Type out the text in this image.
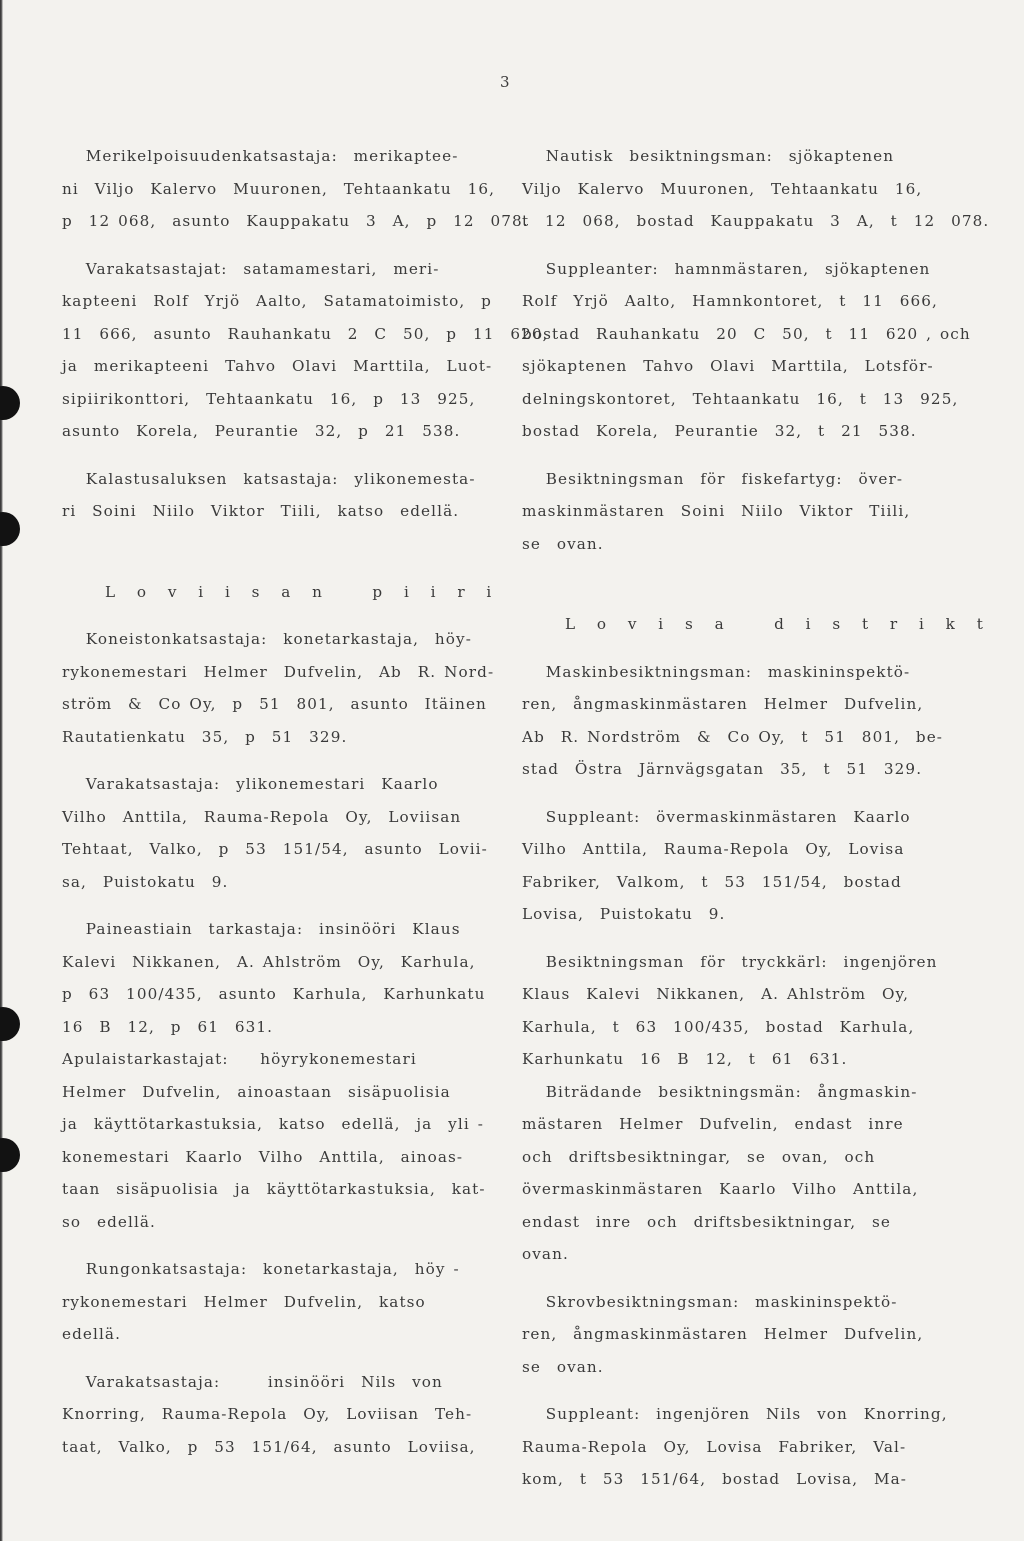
3
Merikelpoisuudenkatsastaja:  merikaptee-
ni  Viljo  Kalervo  Muuronen,  Tehtaankatu  16,
p  12 068,  asunto  Kauppakatu  3  A,  p  12  078.
Varakatsastajat:  satamamestari,  meri-
kapteeni  Rolf  Yrjö  Aalto,  Satamatoimisto,  p
11  666,  asunto  Rauhankatu  2  C  50,  p  11  620,
ja  merikapteeni  Tahvo  Olavi  Marttila,  Luot-
sipiirikonttori,  Tehtaankatu  16,  p  13  925,
asunto  Korela,  Peurantie  32,  p  21  538.
Kalastusaluksen  katsastaja:  ylikonemesta-
ri  Soini  Niilo  Viktor  Tiili,  katso  edellä.
L o v i i s a n   p i i r i
Koneistonkatsastaja:  konetarkastaja,  höy-
rykonemestari  Helmer  Dufvelin,  Ab  R. Nord-
ström  &  Co Oy,  p  51  801,  asunto  Itäinen
Rautatienkatu  35,  p  51  329.
Varakatsastaja:  ylikonemestari  Kaarlo
Vilho  Anttila,  Rauma-Repola  Oy,  Loviisan
Tehtaat,  Valko,  p  53  151/54,  asunto  Lovii-
sa,  Puistokatu  9.
Paineastiain  tarkastaja:  insinööri  Klaus
Kalevi  Nikkanen,  A. Ahlström  Oy,  Karhula,
p  63  100/435,  asunto  Karhula,  Karhunkatu
16  B  12,  p  61  631.
Apulaistarkastajat:    höyrykonemestari
Helmer  Dufvelin,  ainoastaan  sisäpuolisia
ja  käyttötarkastuksia,  katso  edellä,  ja  yli -
konemestari  Kaarlo  Vilho  Anttila,  ainoas-
taan  sisäpuolisia  ja  käyttötarkastuksia,  kat-
so  edellä.
Rungonkatsastaja:  konetarkastaja,  höy -
rykonemestari  Helmer  Dufvelin,  katso
edellä.
Varakatsastaja:      insinööri  Nils  von
Knorring,  Rauma-Repola  Oy,  Loviisan  Teh-
taat,  Valko,  p  53  151/64,  asunto  Loviisa,
Nautisk  besiktningsman:  sjökaptenen
Viljo  Kalervo  Muuronen,  Tehtaankatu  16,
t  12  068,  bostad  Kauppakatu  3  A,  t  12  078.
Suppleanter:  hamnmästaren,  sjökaptenen
Rolf  Yrjö  Aalto,  Hamnkontoret,  t  11  666,
bostad  Rauhankatu  20  C  50,  t  11  620 , och
sjökaptenen  Tahvo  Olavi  Marttila,  Lotsför-
delningskontoret,  Tehtaankatu  16,  t  13  925,
bostad  Korela,  Peurantie  32,  t  21  538.
Besiktningsman  för  fiskefartyg:  över-
maskinmästaren  Soini  Niilo  Viktor  Tiili,
se  ovan.
L o v i s a   d i s t r i k t
Maskinbesiktningsman:  maskininspektö-
ren,  ångmaskinmästaren  Helmer  Dufvelin,
Ab  R. Nordström  &  Co Oy,  t  51  801,  be-
stad  Östra  Järnvägsgatan  35,  t  51  329.
Suppleant:  övermaskinmästaren  Kaarlo
Vilho  Anttila,  Rauma-Repola  Oy,  Lovisa
Fabriker,  Valkom,  t  53  151/54,  bostad
Lovisa,  Puistokatu  9.
Besiktningsman  för  tryckkärl:  ingenjören
Klaus  Kalevi  Nikkanen,  A. Ahlström  Oy,
Karhula,  t  63  100/435,  bostad  Karhula,
Karhunkatu  16  B  12,  t  61  631.
Biträdande  besiktningsmän:  ångmaskin-
mästaren  Helmer  Dufvelin,  endast  inre
och  driftsbesiktningar,  se  ovan,  och
övermaskinmästaren  Kaarlo  Vilho  Anttila,
endast  inre  och  driftsbesiktningar,  se
ovan.
Skrovbesiktningsman:  maskininspektö-
ren,  ångmaskinmästaren  Helmer  Dufvelin,
se  ovan.
Suppleant:  ingenjören  Nils  von  Knorring,
Rauma-Repola  Oy,  Lovisa  Fabriker,  Val-
kom,  t  53  151/64,  bostad  Lovisa,  Ma-
